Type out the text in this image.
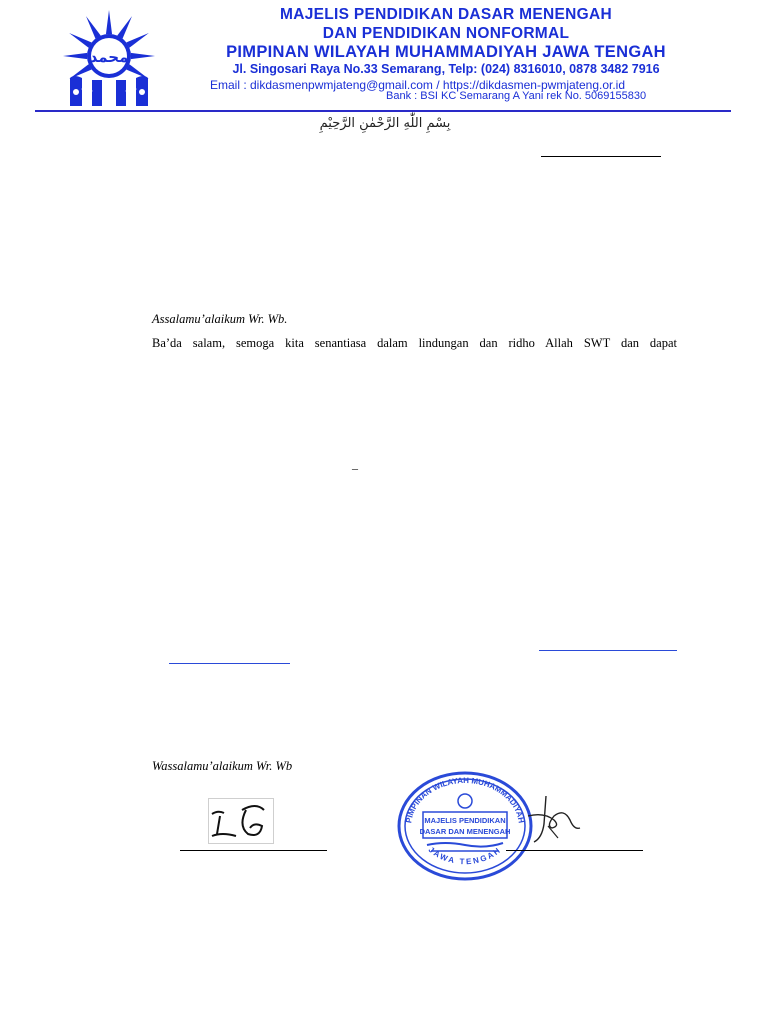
محمد
MAJELIS PENDIDIKAN DASAR MENENGAH
DAN PENDIDIKAN NONFORMAL
PIMPINAN WILAYAH MUHAMMADIYAH JAWA TENGAH
Jl. Singosari Raya No.33 Semarang, Telp: (024) 8316010, 0878 3482 7916
Email : dikdasmenpwmjateng@gmail.com / https://dikdasmen-pwmjateng.or.id
Bank : BSI KC Semarang A Yani rek No. 5069155830
بِسْمِ اللّٰهِ الرَّحْمٰنِ الرَّحِيْمِ
Assalamu’alaikum Wr. Wb.
Ba’da salam, semoga kita senantiasa dalam lindungan dan ridho Allah SWT dan dapat
–
Wassalamu’alaikum Wr. Wb
PIMPINAN WILAYAH MUHAMMADIYAH
JAWA TENGAH
MAJELIS PENDIDIKAN
DASAR DAN MENENGAH
